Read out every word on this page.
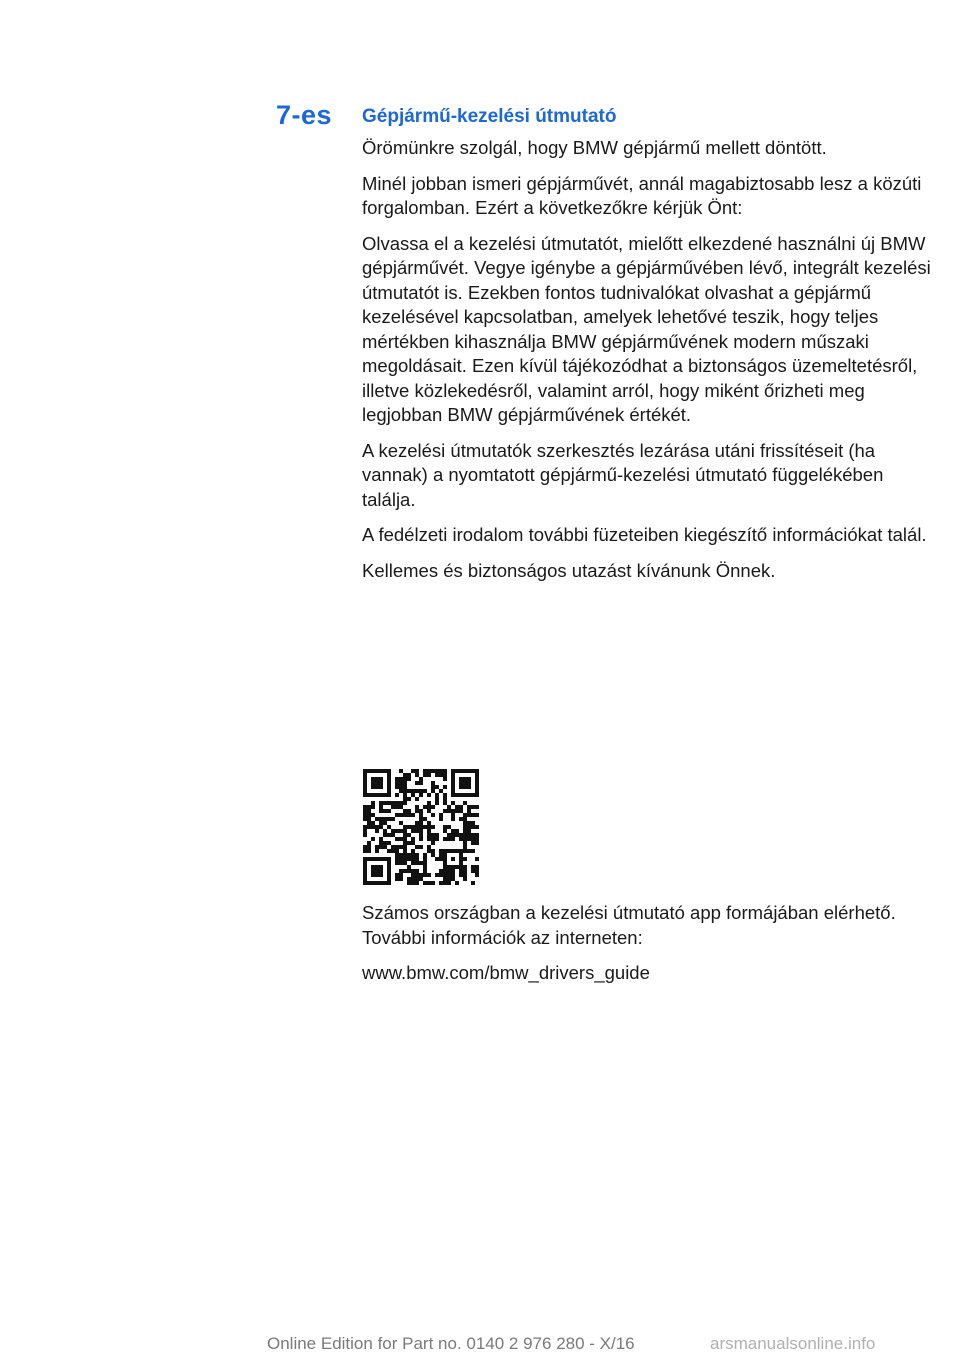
7-es Gépjármű-kezelési útmutató

Örömünkre szolgál, hogy BMW gépjármű mellett döntött.

Minél jobban ismeri gépjárművét, annál magabiztosabb lesz a közúti forgalomban. Ezért a következőkre kérjük Önt:

Olvassa el a kezelési útmutatót, mielőtt elkezdené használni új BMW gépjárművét. Vegye igénybe a gépjárművében lévő, integrált kezelési útmutatót is. Ezekben fontos tudnivalókat olvashat a gépjármű kezelésével kapcsolatban, amelyek lehetővé teszik, hogy teljes mértékben kihasználja BMW gépjárművének modern műszaki megoldásait. Ezen kívül tájékozódhat a biztonságos üzemeltetésről, illetve közlekedésről, valamint arról, hogy miként őrizheti meg legjobban BMW gépjárművének értékét.

A kezelési útmutatók szerkesztés lezárása utáni frissítéseit (ha vannak) a nyomtatott gépjármű-kezelési útmutató függelékében találja.

A fedélzeti irodalom további füzeteiben kiegészítő információkat talál.

Kellemes és biztonságos utazást kívánunk Önnek.

Számos országban a kezelési útmutató app formájában elérhető. További információk az interneten:

www.bmw.com/bmw_drivers_guide

Online Edition for Part no. 0140 2 976 280 - X/16	arsmanualsonline.info
